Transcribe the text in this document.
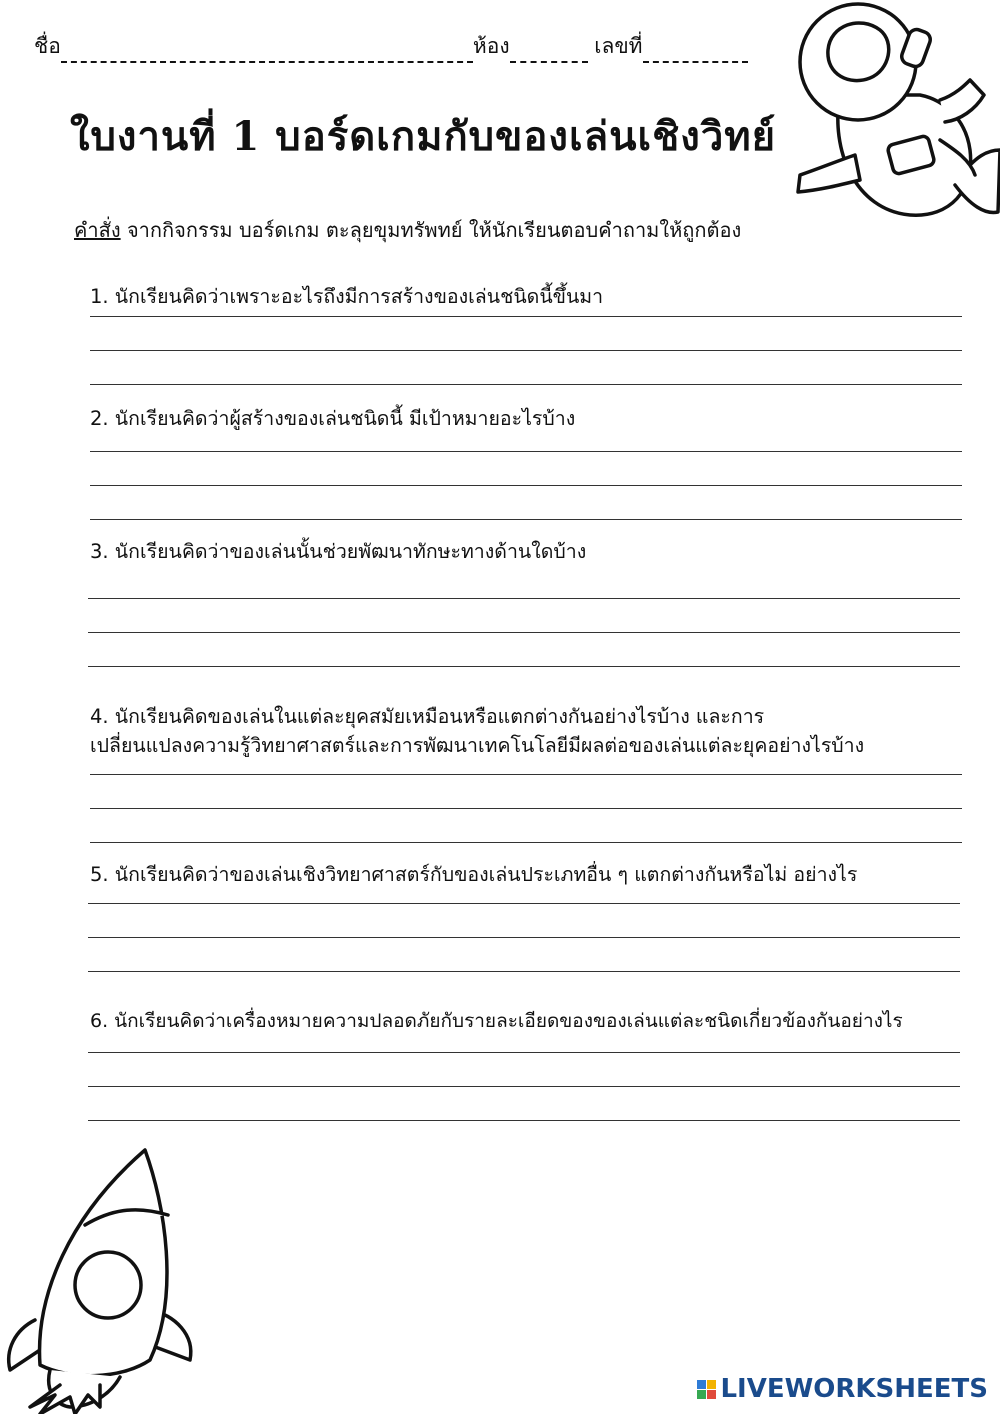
ชื่อ	ห้อง	เลขที่
ใบงานที่ 1 บอร์ดเกมกับของเล่นเชิงวิทย์
คำสั่ง จากกิจกรรม บอร์ดเกม ตะลุยขุมทรัพทย์ ให้นักเรียนตอบคำถามให้ถูกต้อง
1. นักเรียนคิดว่าเพราะอะไรถึงมีการสร้างของเล่นชนิดนี้ขึ้นมา
2. นักเรียนคิดว่าผู้สร้างของเล่นชนิดนี้ มีเป้าหมายอะไรบ้าง
3. นักเรียนคิดว่าของเล่นนั้นช่วยพัฒนาทักษะทางด้านใดบ้าง
4. นักเรียนคิดของเล่นในแต่ละยุคสมัยเหมือนหรือแตกต่างกันอย่างไรบ้าง และการ
เปลี่ยนแปลงความรู้วิทยาศาสตร์และการพัฒนาเทคโนโลยีมีผลต่อของเล่นแต่ละยุคอย่างไรบ้าง
5. นักเรียนคิดว่าของเล่นเชิงวิทยาศาสตร์กับของเล่นประเภทอื่น ๆ แตกต่างกันหรือไม่ อย่างไร
6. นักเรียนคิดว่าเครื่องหมายความปลอดภัยกับรายละเอียดของของเล่นแต่ละชนิดเกี่ยวข้องกันอย่างไร
LIVEWORKSHEETS
